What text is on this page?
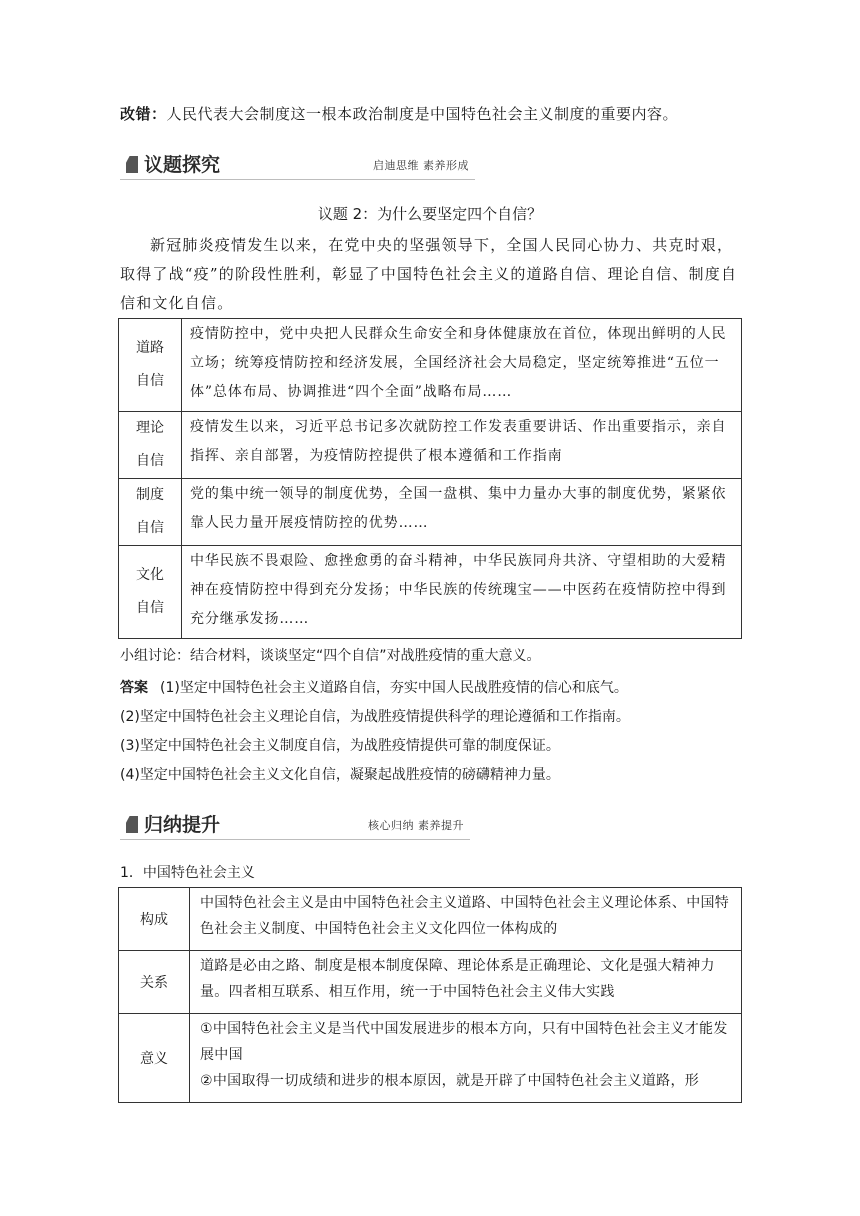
改错：人民代表大会制度这一根本政治制度是中国特色社会主义制度的重要内容。
议题探究	启迪思维 素养形成
议题 2：为什么要坚定四个自信？

新冠肺炎疫情发生以来，在党中央的坚强领导下，全国人民同心协力、共克时艰，取得了战“疫”的阶段性胜利，彰显了中国特色社会主义的道路自信、理论自信、制度自信和文化自信。

道路
自信	疫情防控中，党中央把人民群众生命安全和身体健康放在首位，体现出鲜明的人民立场；统筹疫情防控和经济发展，全国经济社会大局稳定，坚定统筹推进“五位一体”总体布局、协调推进“四个全面”战略布局……

理论
自信	疫情发生以来，习近平总书记多次就防控工作发表重要讲话、作出重要指示，亲自指挥、亲自部署，为疫情防控提供了根本遵循和工作指南

制度
自信	党的集中统一领导的制度优势，全国一盘棋、集中力量办大事的制度优势，紧紧依靠人民力量开展疫情防控的优势……

文化
自信	中华民族不畏艰险、愈挫愈勇的奋斗精神，中华民族同舟共济、守望相助的大爱精神在疫情防控中得到充分发扬；中华民族的传统瑰宝——中医药在疫情防控中得到充分继承发扬……
小组讨论：结合材料，谈谈坚定“四个自信”对战胜疫情的重大意义。
答案 (1)坚定中国特色社会主义道路自信，夯实中国人民战胜疫情的信心和底气。
(2)坚定中国特色社会主义理论自信，为战胜疫情提供科学的理论遵循和工作指南。
(3)坚定中国特色社会主义制度自信，为战胜疫情提供可靠的制度保证。
(4)坚定中国特色社会主义文化自信，凝聚起战胜疫情的磅礴精神力量。
归纳提升	核心归纳 素养提升
1．中国特色社会主义
构成	中国特色社会主义是由中国特色社会主义道路、中国特色社会主义理论体系、中国特色社会主义制度、中国特色社会主义文化四位一体构成的

关系	道路是必由之路、制度是根本制度保障、理论体系是正确理论、文化是强大精神力量。四者相互联系、相互作用，统一于中国特色社会主义伟大实践

意义	①中国特色社会主义是当代中国发展进步的根本方向，只有中国特色社会主义才能发展中国
②中国取得一切成绩和进步的根本原因，就是开辟了中国特色社会主义道路，形
